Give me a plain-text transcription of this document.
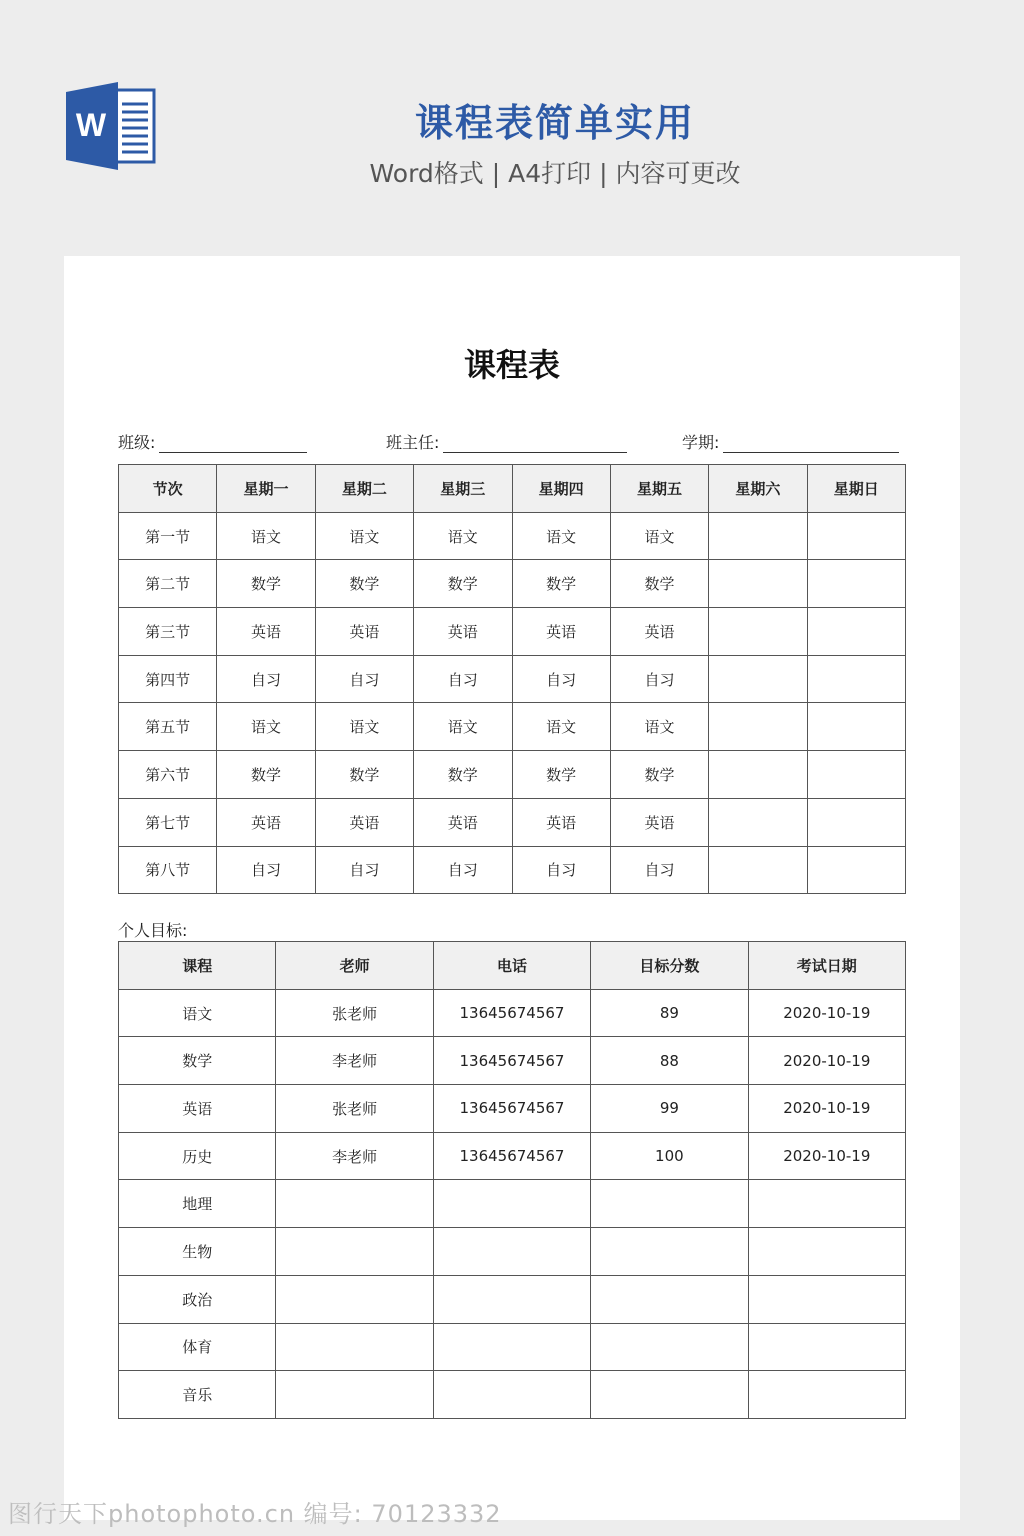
W	课程表简单实用
Word格式 | A4打印 | 内容可更改
课程表
班级:	班主任:	学期:
节次	星期一	星期二	星期三	星期四	星期五	星期六	星期日
第一节	语文	语文	语文	语文	语文		
第二节	数学	数学	数学	数学	数学		
第三节	英语	英语	英语	英语	英语		
第四节	自习	自习	自习	自习	自习		
第五节	语文	语文	语文	语文	语文		
第六节	数学	数学	数学	数学	数学		
第七节	英语	英语	英语	英语	英语		
第八节	自习	自习	自习	自习	自习		
个人目标:
课程	老师	电话	目标分数	考试日期
语文	张老师	13645674567	89	2020-10-19
数学	李老师	13645674567	88	2020-10-19
英语	张老师	13645674567	99	2020-10-19
历史	李老师	13645674567	100	2020-10-19
地理				
生物				
政治				
体育				
音乐				
图行天下photophoto.cn 编号: 70123332
